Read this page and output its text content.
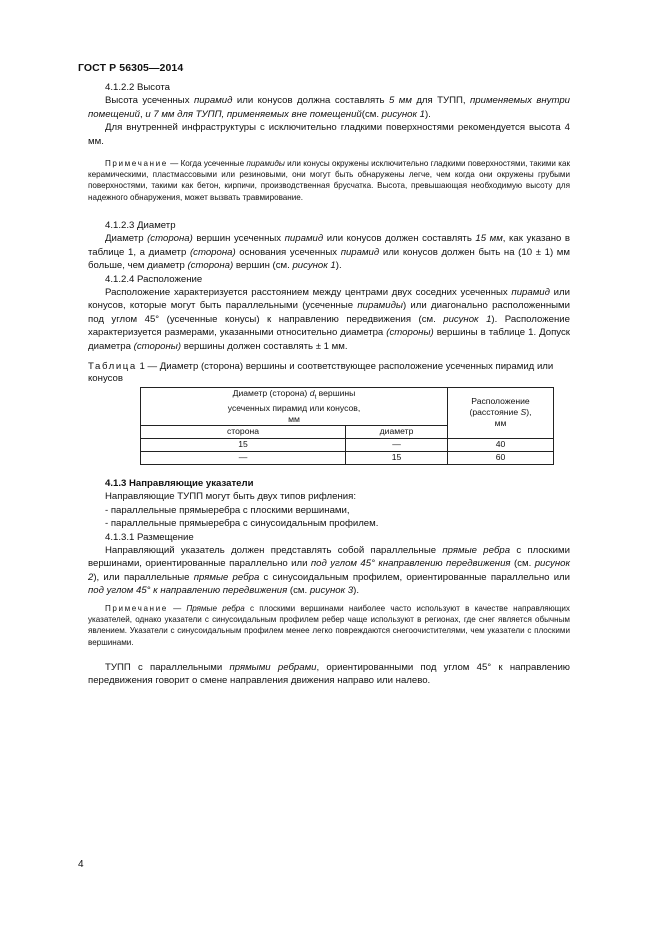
ГОСТ Р 56305—2014

4.1.2.2 Высота

Высота усеченных пирамид или конусов должна составлять 5 мм для ТУПП, применяемых внутри помещений, и 7 мм для ТУПП, применяемых вне помещений(см. рисунок 1).

Для внутренней инфраструктуры с исключительно гладкими поверхностями рекомендуется высота 4 мм.

Примечание — Когда усеченные пирамиды или конусы окружены исключительно гладкими поверхностями, такими как керамическими, пластмассовыми или резиновыми, они могут быть обнаружены легче, чем когда они окружены грубыми поверхностями, такими как бетон, кирпичи, производственная брусчатка. Высота, превышающая необходимую высоту для надежного обнаружения, может вызвать травмирование.

4.1.2.3 Диаметр

Диаметр (сторона) вершин усеченных пирамид или конусов должен составлять 15 мм, как указано в таблице 1, а диаметр (сторона) основания усеченных пирамид или конусов должен быть на (10 ± 1) мм больше, чем диаметр (сторона) вершин (см. рисунок 1).

4.1.2.4 Расположение

Расположение характеризуется расстоянием между центрами двух соседних усеченных пирамид или конусов, которые могут быть параллельными (усеченные пирамиды) или диагонально расположенными под углом 45° (усеченные конусы) к направлению передвижения (см. рисунок 1). Расположение характеризуется размерами, указанными относительно диаметра (стороны) вершины в таблице 1. Допуск диаметра (стороны) вершины должен составлять ± 1 мм.

Таблица 1 — Диаметр (сторона) вершины и соответствующее расположение усеченных пирамид или конусов
Диаметр (сторона) $d_t$ вершины
усеченных пирамид или конусов,
мм		Расположение
(расстояние S),
мм
сторона	диаметр	
15	—	40
—	15	60

4.1.3 Направляющие указатели

Направляющие ТУПП могут быть двух типов рифления:

- параллельные прямыеребра с плоскими вершинами,

- параллельные прямыеребра с синусоидальным профилем.

4.1.3.1 Размещение

Направляющий указатель должен представлять собой параллельные прямые ребра с плоскими вершинами, ориентированные параллельно или под углом 45° кнаправлению передвижения (см. рисунок 2), или параллельные прямые ребра с синусоидальным профилем, ориентированные параллельно или под углом 45° к направлению передвижения (см. рисунок 3).

Примечание — Прямые ребра с плоскими вершинами наиболее часто используют в качестве направляющих указателей, однако указатели с синусоидальным профилем ребер чаще используют в регионах, где снег является обычным явлением. Указатели с синусоидальным профилем менее легко повреждаются снегоочистителями, чем указатели с плоскими вершинами.

ТУПП с параллельными прямыми ребрами, ориентированными под углом 45° к направлению передвижения говорит о смене направления движения направо или налево.

4
